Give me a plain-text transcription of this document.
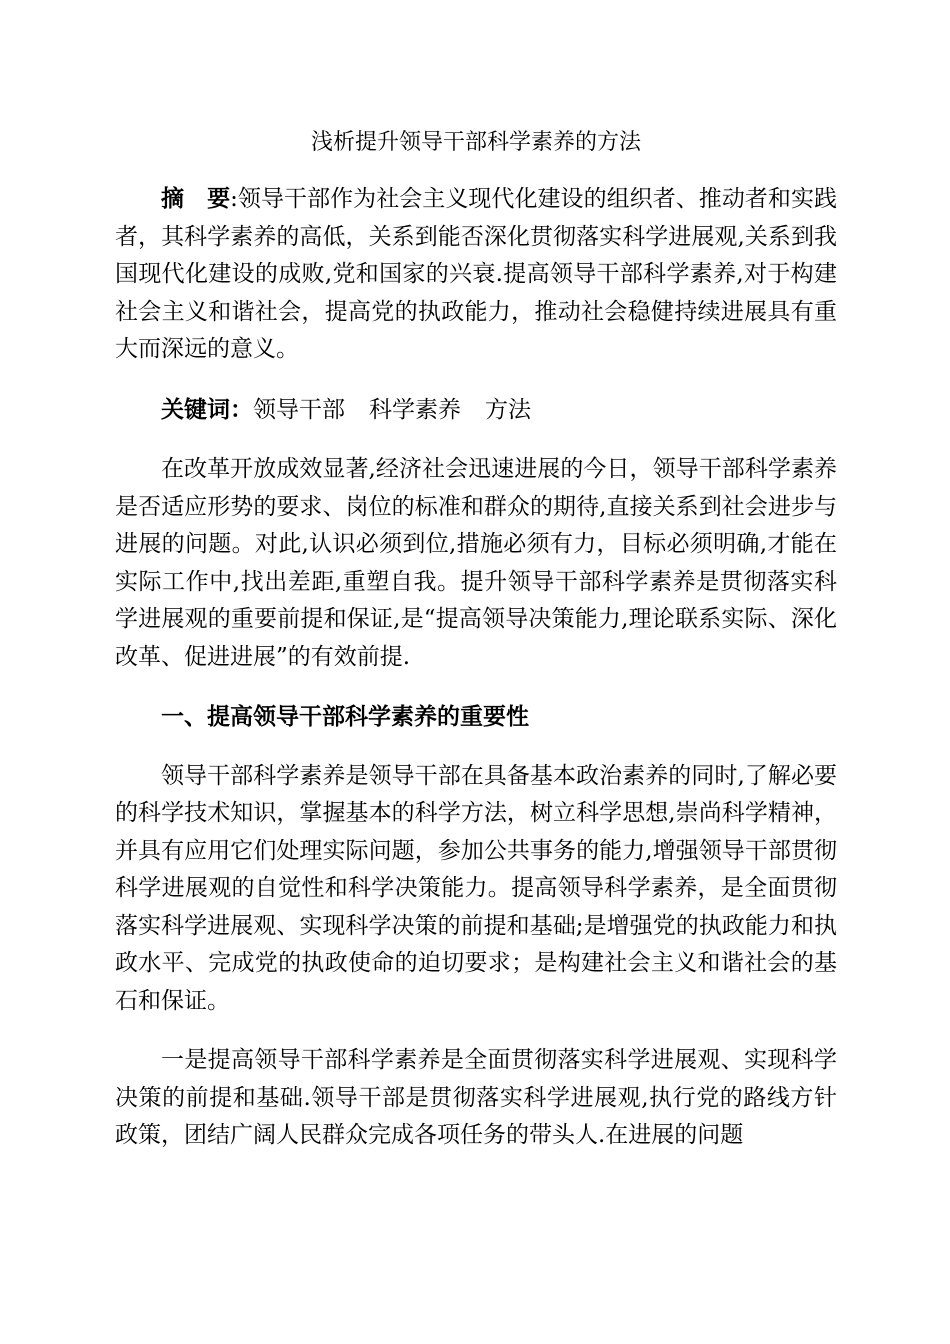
浅析提升领导干部科学素养的方法

摘　要:领导干部作为社会主义现代化建设的组织者、推动者和实践者，其科学素养的高低，关系到能否深化贯彻落实科学进展观,关系到我国现代化建设的成败,党和国家的兴衰.提高领导干部科学素养,对于构建社会主义和谐社会，提高党的执政能力，推动社会稳健持续进展具有重大而深远的意义。

关键词：领导干部 科学素养 方法

在改革开放成效显著,经济社会迅速进展的今日，领导干部科学素养是否适应形势的要求、岗位的标准和群众的期待,直接关系到社会进步与进展的问题。对此,认识必须到位,措施必须有力，目标必须明确,才能在实际工作中,找出差距,重塑自我。提升领导干部科学素养是贯彻落实科学进展观的重要前提和保证,是“提高领导决策能力,理论联系实际、深化改革、促进进展”的有效前提.

一、提高领导干部科学素养的重要性

领导干部科学素养是领导干部在具备基本政治素养的同时,了解必要的科学技术知识，掌握基本的科学方法，树立科学思想,崇尚科学精神，并具有应用它们处理实际问题，参加公共事务的能力,增强领导干部贯彻科学进展观的自觉性和科学决策能力。提高领导科学素养，是全面贯彻落实科学进展观、实现科学决策的前提和基础;是增强党的执政能力和执政水平、完成党的执政使命的迫切要求；是构建社会主义和谐社会的基石和保证。

一是提高领导干部科学素养是全面贯彻落实科学进展观、实现科学决策的前提和基础.领导干部是贯彻落实科学进展观,执行党的路线方针政策，团结广阔人民群众完成各项任务的带头人.在进展的问题
